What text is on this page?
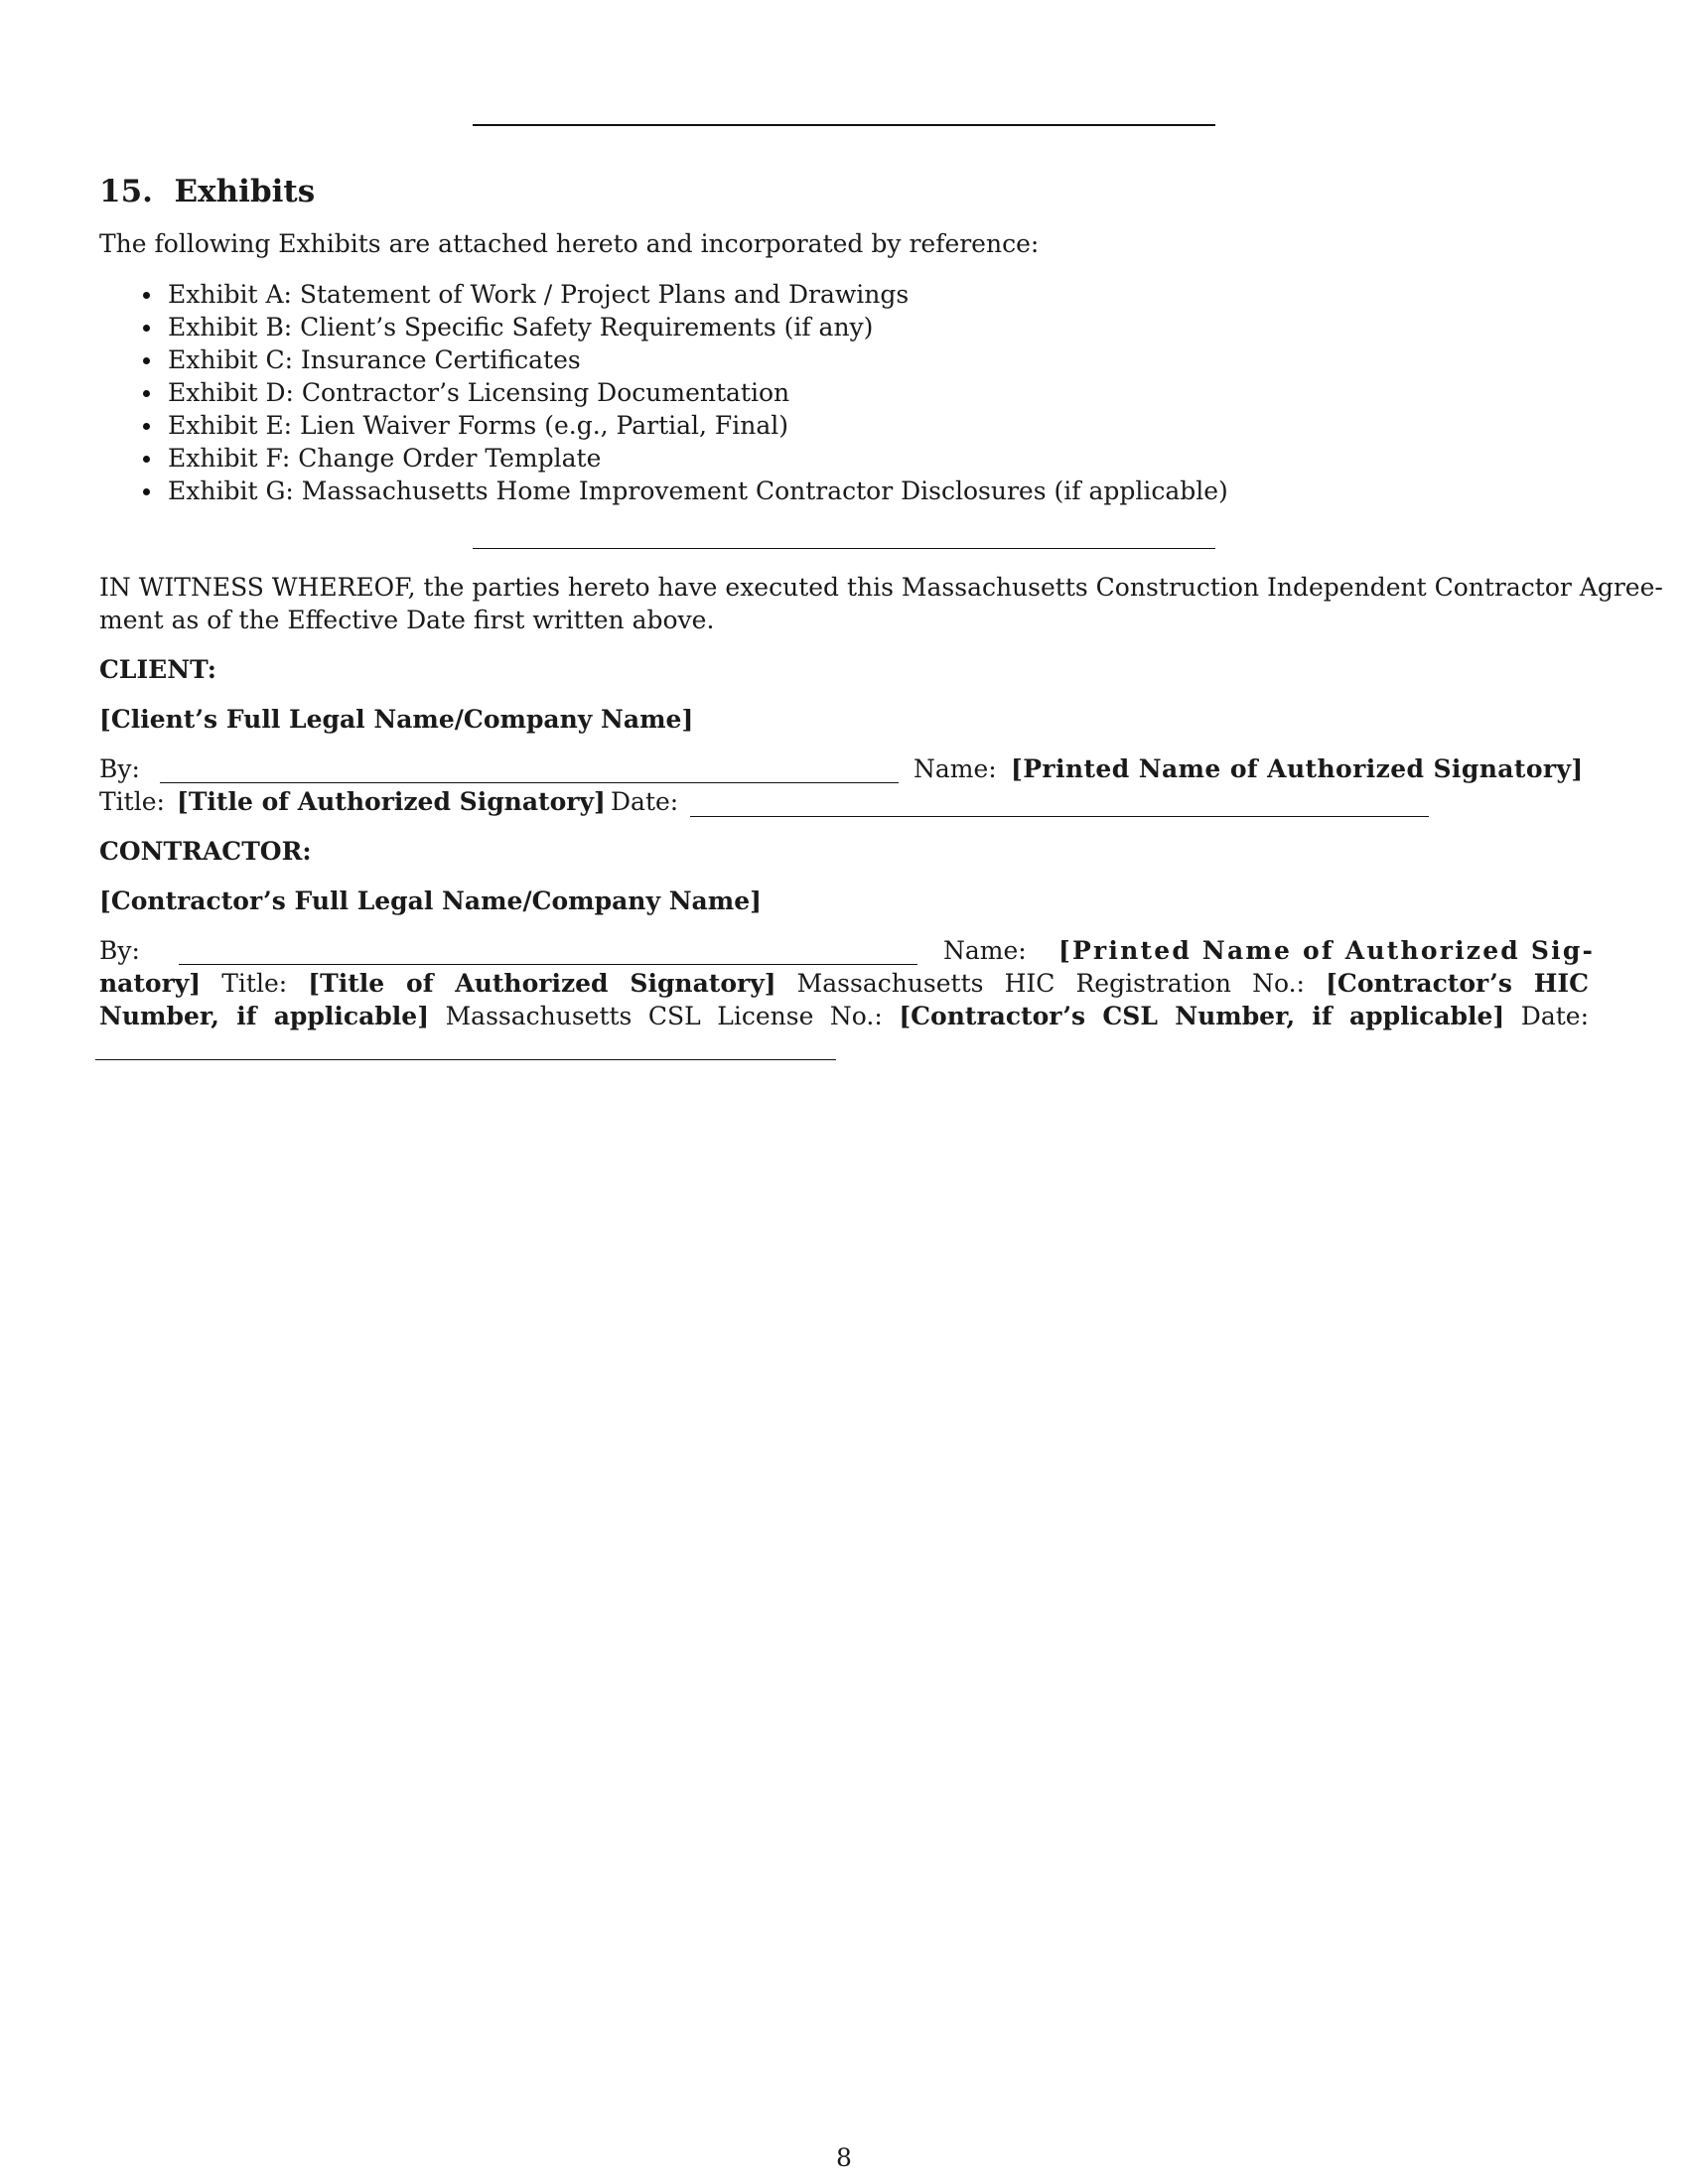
15. Exhibits
The following Exhibits are attached hereto and incorporated by reference:
Exhibit A: Statement of Work / Project Plans and Drawings
Exhibit B: Client’s Specific Safety Requirements (if any)
Exhibit C: Insurance Certificates
Exhibit D: Contractor’s Licensing Documentation
Exhibit E: Lien Waiver Forms (e.g., Partial, Final)
Exhibit F: Change Order Template
Exhibit G: Massachusetts Home Improvement Contractor Disclosures (if applicable)
IN WITNESS WHEREOF, the parties hereto have executed this Massachusetts Construction Independent Contractor Agree-
ment as of the Effective Date first written above.
CLIENT:
[Client’s Full Legal Name/Company Name]
By:	Name: [Printed Name of Authorized Signatory]
Title: [Title of Authorized Signatory] Date:
CONTRACTOR:
[Contractor’s Full Legal Name/Company Name]
By:	Name: [Printed Name of Authorized Sig-
natory] Title: [Title of Authorized Signatory] Massachusetts HIC Registration No.: [Contractor’s HIC
Number, if applicable] Massachusetts CSL License No.: [Contractor’s CSL Number, if applicable] Date:
8
